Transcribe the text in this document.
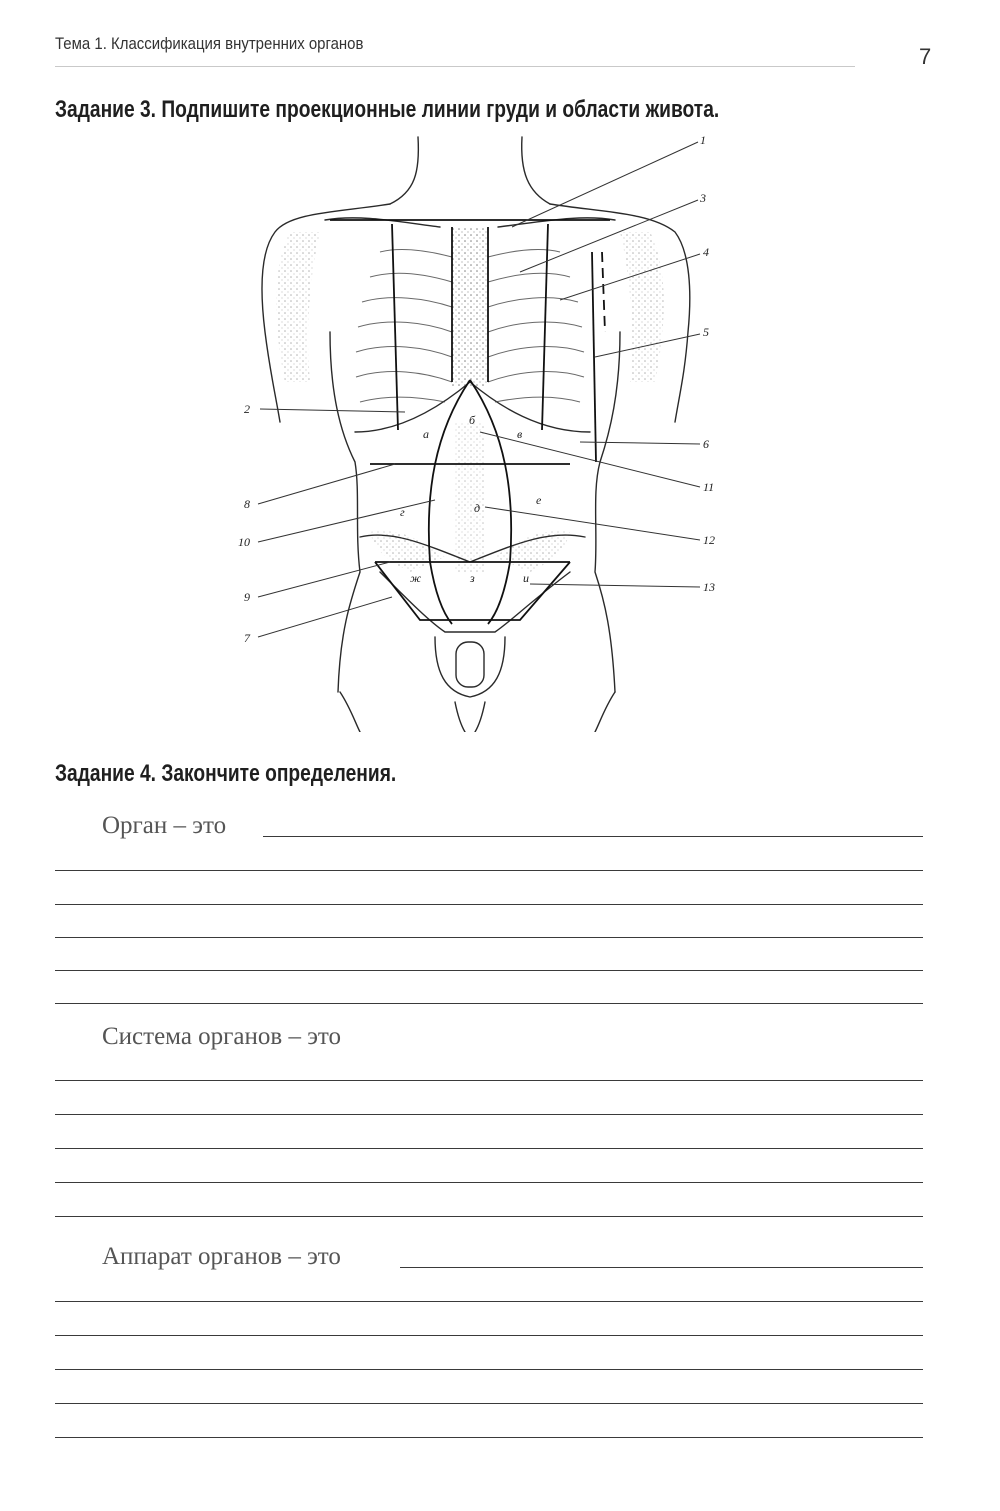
Тема 1. Классификация внутренних органов
7
Задание 3. Подпишите проекционные линии груди и области живота.
1
2
3
4
5
6
7
8
9
10
11
12
13
а
б
в
г	д
е
ж	з	и
Задание 4. Закончите определения.
Орган – это
Система органов – это
Аппарат органов – это
